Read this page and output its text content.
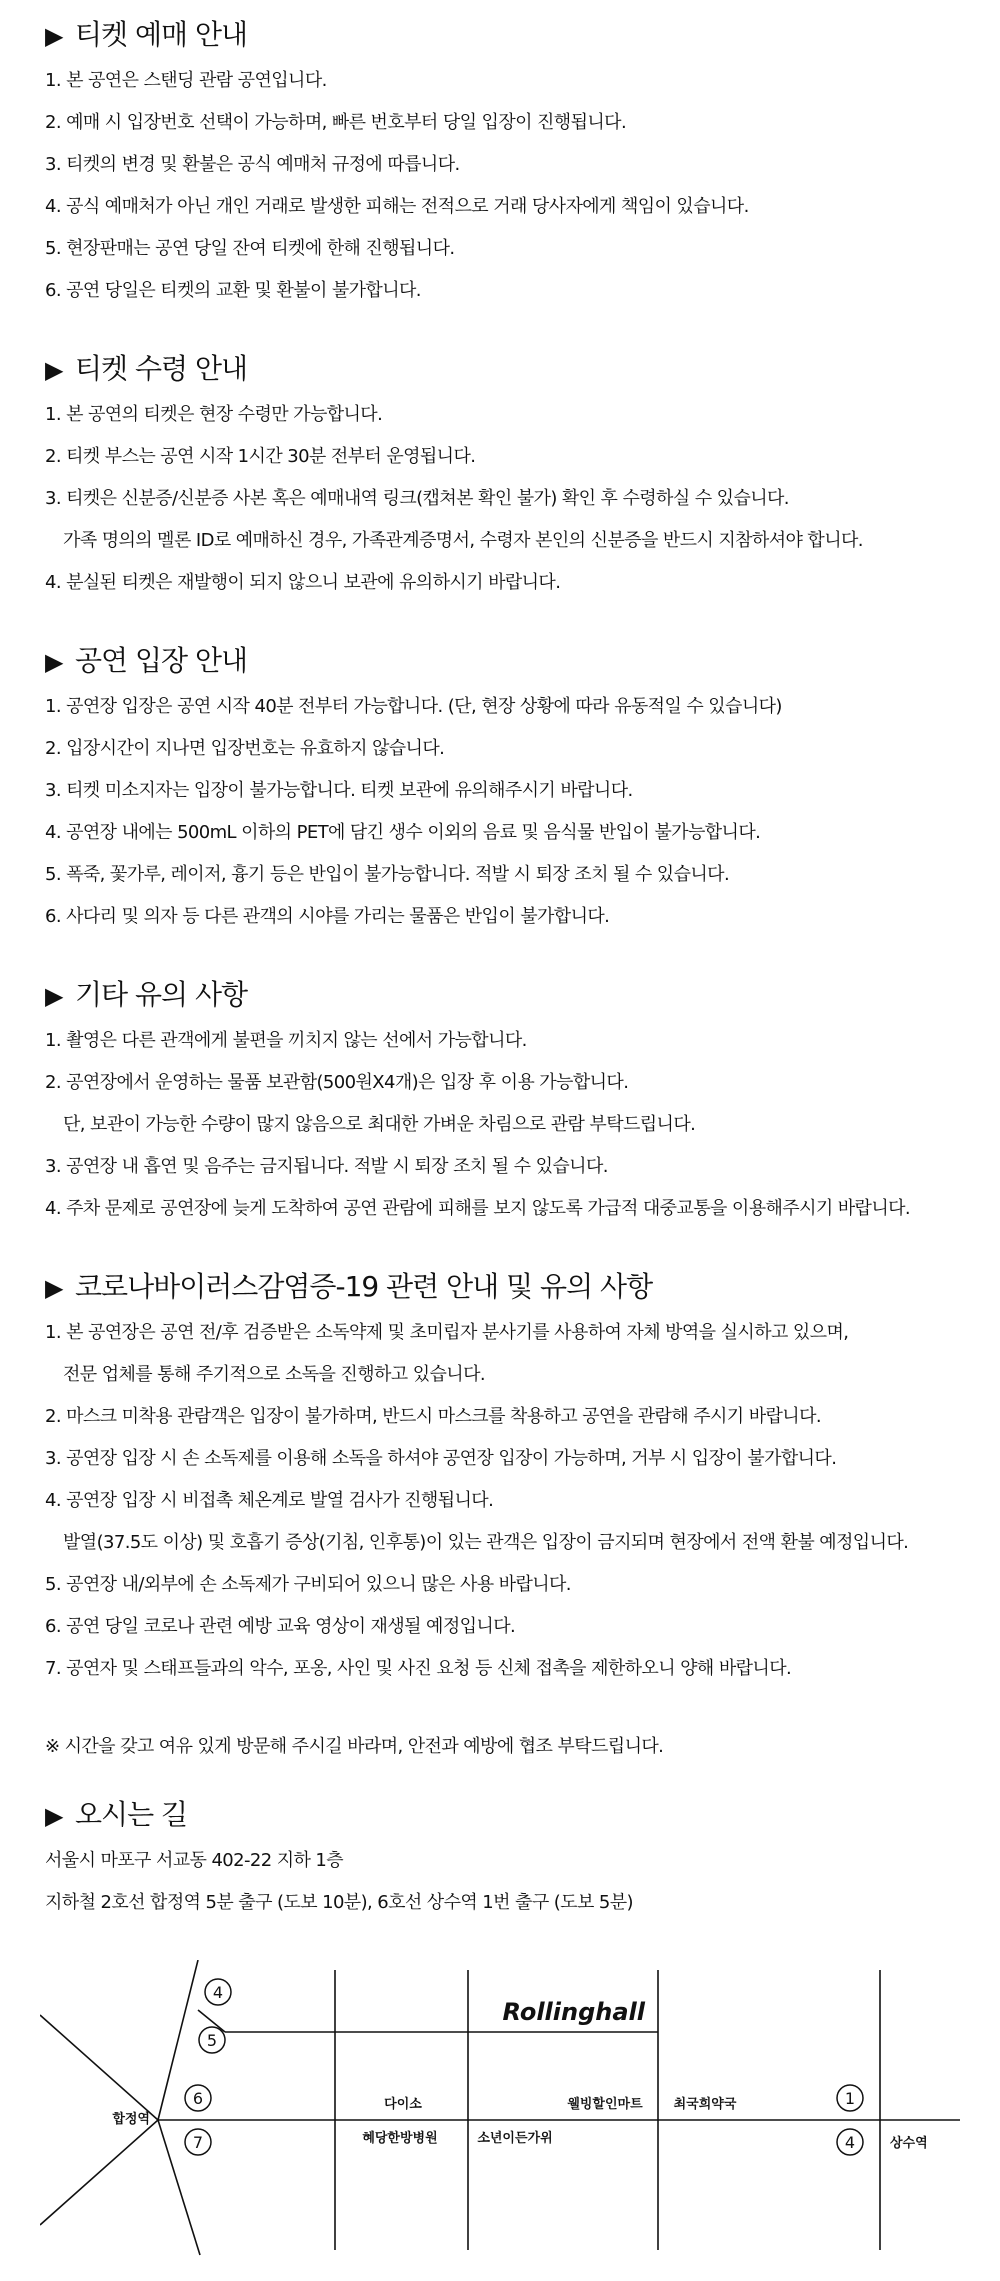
▶ 티켓 예매 안내
1. 본 공연은 스탠딩 관람 공연입니다.
2. 예매 시 입장번호 선택이 가능하며, 빠른 번호부터 당일 입장이 진행됩니다.
3. 티켓의 변경 및 환불은 공식 예매처 규정에 따릅니다.
4. 공식 예매처가 아닌 개인 거래로 발생한 피해는 전적으로 거래 당사자에게 책임이 있습니다.
5. 현장판매는 공연 당일 잔여 티켓에 한해 진행됩니다.
6. 공연 당일은 티켓의 교환 및 환불이 불가합니다.
▶ 티켓 수령 안내
1. 본 공연의 티켓은 현장 수령만 가능합니다.
2. 티켓 부스는 공연 시작 1시간 30분 전부터 운영됩니다.
3. 티켓은 신분증/신분증 사본 혹은 예매내역 링크(캡쳐본 확인 불가) 확인 후 수령하실 수 있습니다.
가족 명의의 멜론 ID로 예매하신 경우, 가족관계증명서, 수령자 본인의 신분증을 반드시 지참하셔야 합니다.
4. 분실된 티켓은 재발행이 되지 않으니 보관에 유의하시기 바랍니다.
▶ 공연 입장 안내
1. 공연장 입장은 공연 시작 40분 전부터 가능합니다. (단, 현장 상황에 따라 유동적일 수 있습니다)
2. 입장시간이 지나면 입장번호는 유효하지 않습니다.
3. 티켓 미소지자는 입장이 불가능합니다. 티켓 보관에 유의해주시기 바랍니다.
4. 공연장 내에는 500mL 이하의 PET에 담긴 생수 이외의 음료 및 음식물 반입이 불가능합니다.
5. 폭죽, 꽃가루, 레이저, 흉기 등은 반입이 불가능합니다. 적발 시 퇴장 조치 될 수 있습니다.
6. 사다리 및 의자 등 다른 관객의 시야를 가리는 물품은 반입이 불가합니다.
▶ 기타 유의 사항
1. 촬영은 다른 관객에게 불편을 끼치지 않는 선에서 가능합니다.
2. 공연장에서 운영하는 물품 보관함(500원X4개)은 입장 후 이용 가능합니다.
단, 보관이 가능한 수량이 많지 않음으로 최대한 가벼운 차림으로 관람 부탁드립니다.
3. 공연장 내 흡연 및 음주는 금지됩니다. 적발 시 퇴장 조치 될 수 있습니다.
4. 주차 문제로 공연장에 늦게 도착하여 공연 관람에 피해를 보지 않도록 가급적 대중교통을 이용해주시기 바랍니다.
▶ 코로나바이러스감염증-19 관련 안내 및 유의 사항
1. 본 공연장은 공연 전/후 검증받은 소독약제 및 초미립자 분사기를 사용하여 자체 방역을 실시하고 있으며,
전문 업체를 통해 주기적으로 소독을 진행하고 있습니다.
2. 마스크 미착용 관람객은 입장이 불가하며, 반드시 마스크를 착용하고 공연을 관람해 주시기 바랍니다.
3. 공연장 입장 시 손 소독제를 이용해 소독을 하셔야 공연장 입장이 가능하며, 거부 시 입장이 불가합니다.
4. 공연장 입장 시 비접촉 체온계로 발열 검사가 진행됩니다.
발열(37.5도 이상) 및 호흡기 증상(기침, 인후통)이 있는 관객은 입장이 금지되며 현장에서 전액 환불 예정입니다.
5. 공연장 내/외부에 손 소독제가 구비되어 있으니 많은 사용 바랍니다.
6. 공연 당일 코로나 관련 예방 교육 영상이 재생될 예정입니다.
7. 공연자 및 스태프들과의 악수, 포옹, 사인 및 사진 요청 등 신체 접촉을 제한하오니 양해 바랍니다.
※ 시간을 갖고 여유 있게 방문해 주시길 바라며, 안전과 예방에 협조 부탁드립니다.
▶ 오시는 길
서울시 마포구 서교동 402-22 지하 1층
지하철 2호선 합정역 5분 출구 (도보 10분), 6호선 상수역 1번 출구 (도보 5분)
4
5
6
7
1
4
Rollinghall
합정역
상수역
다이소	웰빙할인마트 최국희약국
혜당한방병원	소년이든가위
